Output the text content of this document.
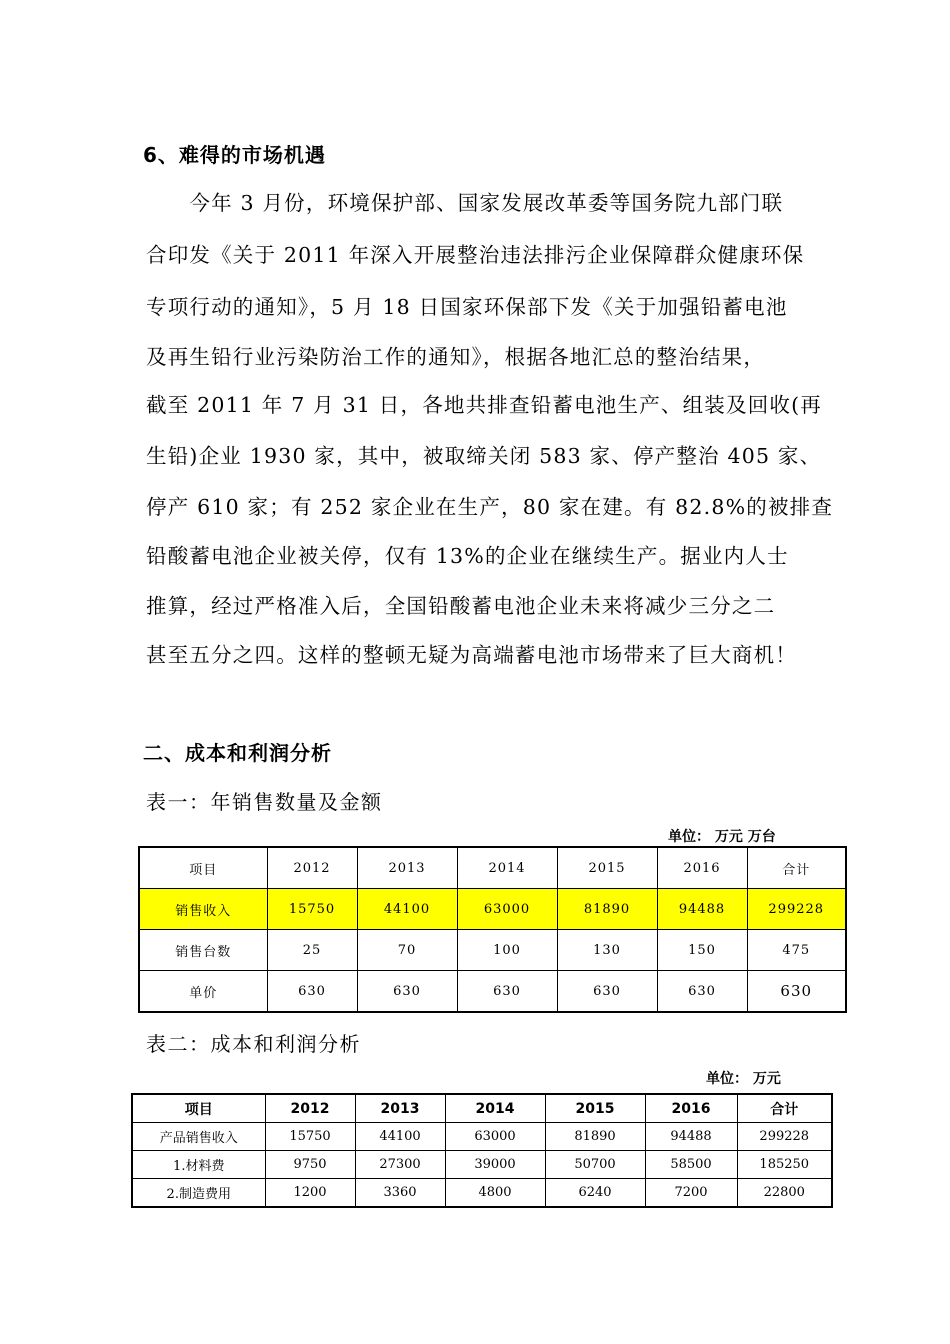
6、难得的市场机遇
　　今年 3 月份，环境保护部、国家发展改革委等国务院九部门联
合印发《关于 2011 年深入开展整治违法排污企业保障群众健康环保
专项行动的通知》，5 月 18 日国家环保部下发《关于加强铅蓄电池
及再生铅行业污染防治工作的通知》，根据各地汇总的整治结果，
截至 2011 年 7 月 31 日，各地共排查铅蓄电池生产、组装及回收(再
生铅)企业 1930 家，其中，被取缔关闭 583 家、停产整治 405 家、
停产 610 家；有 252 家企业在生产，80 家在建。有 82.8%的被排查
铅酸蓄电池企业被关停，仅有 13%的企业在继续生产。据业内人士
推算，经过严格准入后，全国铅酸蓄电池企业未来将减少三分之二
甚至五分之四。这样的整顿无疑为高端蓄电池市场带来了巨大商机！
二、成本和利润分析
表一：年销售数量及金额
单位： 万元 万台
项目	2012	2013	2014	2015	2016	合计
销售收入	15750	44100	63000	81890	94488	299228
销售台数	25	70	100	130	150	475
单价	630	630	630	630	630	630
表二：成本和利润分析
单位： 万元
项目	2012	2013	2014	2015	2016	合计
产品销售收入	15750	44100	63000	81890	94488	299228
1.材料费	9750	27300	39000	50700	58500	185250
2.制造费用	1200	3360	4800	6240	7200	22800
